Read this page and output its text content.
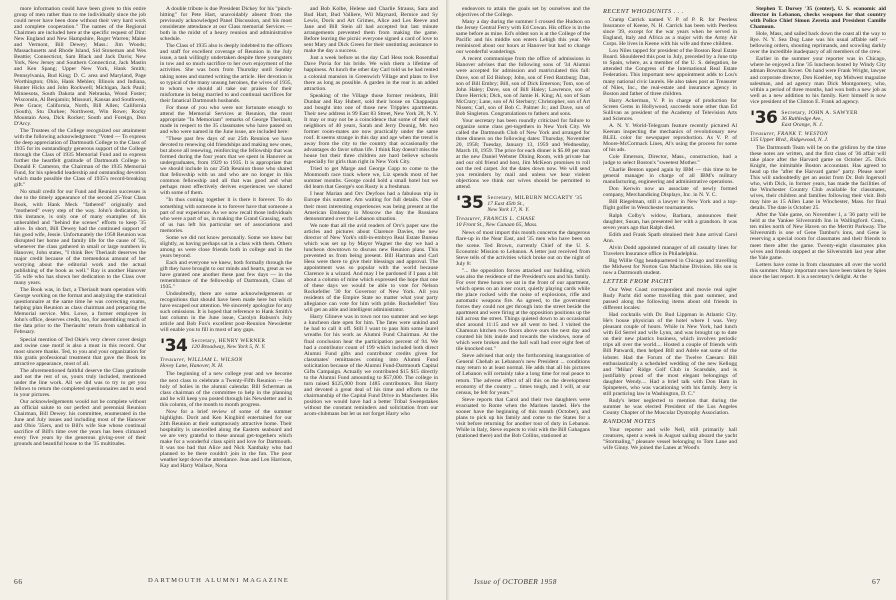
more information could have been given to this entire group of men rather than to me individually since the job could never have been done without their very hard work and complete cooperation." The names of the Regional Chairmen are included here at the specific request of Dint: New England and New Hampshire, Roger Warren; Maine and Vermont, Bill Dewey; Mass.: Jim Woods; Massachusetts and Rhode Island, Sid Stoneman and Wes Beattie; Connecticut, Sam Black and Jack Davis; New York, New Jersey and Southern Connecticut, Jack Mastin and Ken Spang; Upper New York, Hank Smith; Pennsylvania, Bud King; D. C. area and Maryland, Page Worthington; Ohio, Hank Mehlen; Illinois and Indiana, Hunter Hicks and John Rockwell; Michigan, Jack Pauli; Minnesota, South Dakota and Nebraska, Wood Foster; Wisconsin, Al Benjamin; Missouri, Kansas and Southwest, Pete Grace; California, North, Bill Allen; California (South), Stu Durkee; Northwest, Win Rowe; Rocky Mountain Area, Dick Rocker; South and Foreign, Don D'Arcy.

The Trustees of the College recognized our attainment with the following acknowledgment: "Voted — To express the deep appreciation of Dartmouth College to the Class of 1935 for its outstandingly generous support of the College through the Class of 1935 Memorial Fund and to express further the heartfelt gratitude of Dartmouth College to Donald F. Cameron, the Chairman of the 1935 Memorial Fund, for his splendid leadership and outstanding devotion which made possible the Class of 1935's record-breaking gift."

No small credit for our Fund and Reunion successes is due to the timely appearance of the second 25-Year Class Book, with Hank Meck "fathered" originally and "mothered" every step of the way. John's dedication, in this instance, is only one of many examples of his unheralded and "behind the scenes" efforts to keep '35 alive. In short, Bill Dewey had the continued support of his good wife, Jessie. Unfortunately the 1958 Reunion was disrupted her home and family life for the cause of '35, whenever the class gathered in small or large numbers in Hanover, John states, "I think Bev Theriault deserves the major credit because of the tremendous amount of her worrying about the editorial work and the actual publishing of the book as well." Ray is another Hanover '35 wife who has shown her dedication to the Class over many years.

The Book was, in fact, a Theriault team operation with George working on the format and analyzing the statistical questionnaire at the same time he was correcting exams, helping plan Reunion as class chairman and preparing the Memorial service. Mrs. Lowe, a former employee in John's office, deserves credit, too, for assembling much of the data prior to the Theriaults' return from sabbatical in February.

Special mention of Ted Okie's very clever cover design and swine case motif is also a must in this record. Our most sincere thanks. Ted, to you and your organization for this gratis professional treatment that gave the Book its attractive appearance, most of all.

The aforementioned faithful deserve the Class gratitude and not the rest of us, yours truly included, mentioned under the line work. All we did was to try to get you fellows to return the completed questionnaires and to send in your pictures.

Our acknowledgements would not be complete without an official salute to our perfect and perennial Reunion Chairman, Bill Dewey. his committee, enumerated in the June and July issues and including most of the Hanover and Ohio '35ers, and to Bill's wife Sue whose continual sacrifice of Bill's time over the years has been climaxed every five years by the generous giving-over of their grounds and beautiful house to the '35 multitudes.

A double tribute is due President Dickey for his "pinch-hitting" for Pete Hart, unavoidably absent from the previously acknowledged Panel Discussion, and his most considerate attendance at our Class memorial Services — both in the midst of a heavy reunion and administrative schedule.

The Class of 1935 also is deeply indebted to the officers and staff for excellent coverage of Reunion in the July issue, a task willingly undertaken despite three youngsters in tow and so much sacrifice to her own enjoyment of the activities. She was born from Thursday until Sunday taking notes and started writing the article. Her devotion is so typical of the many unsung heroines, the wives of 1935, to whom we should all take our praises for their misfortune in being married to and continual sacrifices for their fanatical Dartmouth husbands.

For those of you who were not fortunate enough to attend the Memorial Services at Reunion, the most appropriate "In Memoriam" remarks of George Theriault, made in respect to the 35 classmates who have passed on and who were named in the June issue, are included here:

"These past few days of our 25th Reunion we have devoted to renewing old friendships and making new ones, but above all renewing, reinforcing the fellowship that was formed during the four years that we spent in Hanover as undergraduates, from 1929 to 1935. It is appropriate that we should include in our 25th Reunion those who shared that fellowship with us and who are no longer in this common fellowship and all that was good and what perhaps most effectively derives experiences we shared with some of them.

"In thus coming together it is there it forever. To do something with someone is to forever have that someone a part of our experience. As we now recall those individuals who were a part of us, in making the Grand Grassing, each of us has left his particular set of associations and memories.

Some we did not know personally. Some we knew but slightly, as having perhaps sat in a class with them. Others among us were close friends both in college and in the years beyond.

Each and everyone we knew, both formally through the gift they have brought to our minds and hearts, great as we have granted one another these past few days — in the remembrance of the fellowship of Dartmouth, Class of 1935."

Undoubtedly, there are some acknowledgements or recognitions that should have been made here but which have escaped our attention. We sincerely apologize for any such omissions. It is hoped that reference to Hank Smith's last column in the June issue, Carolyn Babson's July article and Bob Fox's excellent post-Reunion Newsletter will enable you to fill in most of any gaps.

'34 Secretary, HENRY WERNER
120 Broadway, New York 5, N. Y.
Treasurer, WILLIAM L. WILSON
Hovey Lane, Hanover, N. H.

The beginning of a new college year and we become the next class to celebrate a Twenty-Fifth Reunion — the holy of holies in the alumni calendar. Bill Scherman as class chairman of the committee to help in the planning and he will keep you posted through his Newsletter and in this column, of the month to month progress.

Now for a brief review of some of the summer highlights. Dorit and Ken Kingbird entertained for our 24th Reunion at their sumptuously attractive home. Their hospitality is unexcelled along the Eastern seaboard and we are very grateful to these annual get-togethers which make for a wonderful class spirit and love for Dartmouth. It was too bad that Alice and Nick Xanthaky who had planned to be there couldn't join in the fun. The poor weather kept down the attendance. Jean and Len Harrison, Kay and Harry Wallace, Nona

and Bob Kolbe, Helene and Charlie Strauss, Sara and Bud Hart, Bud Valliere, Wil Maynard, Bernice and Sy Lewis, Doris and Art Grimes, Alice and Les Reeve and Jane and Bill Stein all had accepted but last minute arrangements prevented them from making the game. Before leaving the picnic everyone signed a card of love to sent Mary and Dick Green for their unstinting assistance to make the day a success.

Just a week before us the day Carl Hess took Rosenthal Dave Pavia for his bride. We wish them a lifetime of happiness. At lunch the other day Carl told us he had rented a colonial mansion in Greenwich Village and plans to live there as long as possible. A garden in the rear is an added attraction.

Speaking of the Village those former residents, Bill Dunbar and Ray Hubert, sold their house on Chappaqua and bought into one of those new Tripplex apartments. Their new address is 99 East 83 Street, New York 28, N. Y. It may or may not be a coincidence that some of their old neighbors of 40 years, Sarah and Jerry Dounig, Mr. two former room-mates are now practically under the same roof. It seems strange in this day and age when the trend is away from the city to the country that occasionally the advantages do favor urban life. I think Ray doesn't miss the house but their three children are hard believe schools especially for girls than right in New York City.

Tried to get Marge and George Copp to come to the Monmouth race track where we, Liz spends most of her summer months. George could hold a small hotel but we did learn that George's son Rusty is a freshman.

I hear Marian and Orv Deyfoos had a fabulous trip in Europe this summer. Am waiting for full details. One of their most interesting experiences was being present at the American Embassy in Moscow the day the Russians demonstrated over the Lebanon situation.

We note that all the avid readers of Orv's paper saw the articles and pictures about Clarence Davies, the new director of New York's still-in-embryo Real Estate Bureau which was set up by Mayor Wagner the day we had a luncheon downtown to discuss new Reunion plans. This prevented us from being present. Bill Hartman and Carl Hess were there to give their blessings and approval. The appointment was so popular with the world because Clarence is a wizard. And may I be pardoned if I pass a bit about a column of mine which expressed the hope that one of these days we would be able to vote for Nelson Rockefeller '30 for Governor of New York. All you residents of the Empire State no matter what your party allegiance can vote for him with pride. Rockefeller! You will get an able and intelligent administrator.

Harry Glineve was in town not too summer and we kept a luncheon date open for him. The fates were unkind and he had to call it off. Still I want to pass him some laurel wreaths for his work as Alumni Fund Chairman. At the final conclusion hear the participation percent of 94. We had a contributor count of 199 which included both direct Alumni Fund gifts and contributor credits given for classmates' remittances coming into Alumni Fund solicitation because of the Alumni Fund-Dartmouth Capital Gifts Campaign. Actually we contributed $15 $15 directly to the Alumni Fund amounting to $57,000. The college in turn raised $125,000 from 1485 contributors. But Harry and devoted a great deal of his time and efforts to the chairmanship of the Capital Fund Drive in Manchester. His position we would have had a better Tribal Sweepstakes without the constant reminders and solicitation from our acom-clubmans but let us not forget Harry who

endeavors to attain the goals set by ourselves and the objectives of the College.

Many a day during the summer I crossed the Hudson on the Jersey Central Ferry with Ed Cowan. His office is in the same before as mine. Ed's oldest son is at the College of the Pacific and his middle son enters Lehigh this year. We reminisced about our hours at Hanover but had to change our wonderful wanderings.

A recent communique from the office of admissions in Hanover advises that the following sons of '34 Alumni were accepted for admission and matriculated this fall: Dave, son of Ed Bishop; John, son of Fred Ratzburg; Dan, son of Bill Embry; Bill, son of Dick Emerson; Tom, son of John Haley; Dave, son of Bill Haley; Lawrence, son of Dave Herrick; Dick, son of Jamie H. King; Al, son of Sam McCrary; Lane, son of Al Sterbury; Christopher, son of Art Nissen; Carl, son of Bob C. Palmer Jr.; and Dave, son of Bob Singleton. Congratulations to fathers and sons.

Your secretary has been roundly criticized for failure to organize some class get-togethers in New York City. We called the Dartmouth Club of New York and arranged for three dinners on the following dates: Thursday, November 20, 1958; Tuesday, January 13, 1959 and Wednesday, March 18, 1959. The price for each dinner is $5.00 per man at the new Daniel Webster Dining Room, with private bar and our old friend and host, Jim McKeon promises to roll out the red carpet. Jot the dates down now. We will send you reminders by mail and unless we hear violent objections we think our wives should be permitted to attend.

'35 Secretary, MILBURN MCGARTY '35
17 East 45th St.,
New York 17, N. Y.
Treasurer, FRANCIS L. CHASE
10 Front St., New Canaan 65, Mass.

News of most import this month concerns the dangerous flare-up in the Near East, and '35 men who have been on the scene. Ted Brown, currently Chief of the U. S. Economic Mission to Lebanon. A letter just received from Steve tells of the activities which broke out on the night of July 8:

"... the opposition forces attacked our building, which was also the residence of the President's son and his family. For over three hours we sat in the front of our apartment, which opens on an inner court, quietly playing cards while the place rocked with the noise of explosions, rifle and automatic weapons fire. As agreed, to the government forces they could not get through into the street beside the apartment and were firing at the opposition positions up the hill across the street. Things quieted down to an occasional shot around 11:15 and we all went to bed. I visited the Chamoun kitchen two floors above ours the next day and counted his bits inside and towards the windows, none of which were broken and the hall wall had over eight feet of tile knocked out."

Steve advised that only the forthcoming inauguration of General Chehab as Lebanon's new President ... conditions may return to at least normal. He adds that all his pictures of Lebanon will certainly take a long time for real peace to return. The adverse effect of all this on the development economy of the country ... times tough, and I will, at our census, be felt for years."

Steve reports that Carol and their two daughters were evacuated to Rome when the Marines landed. He's the sooner have the beginning of this month (October), and plans to pick up his family and come to the States for a visit before returning for another tour of duty in Lebanon. While in Italy, Steve expects to visit with the Bill Gahagans (stationed there) and the Bob Collins, stationed at

RECENT WHODUNITS . . .

Cramp Carrick named V. P. of P. R. for Peerless Insurance of Keene, N. H. Carrick has been with Peerless since '39, except for the war years when he served in England, Italy and Africa as a major with the Army Air Corps. He lives in Keene with his wife and three children.

Lou Niles tapped for president of the Boston Real Estate Board. Shouldered this post in July, preceded by a June trip to Spain, where, as a member of the U. S. delegation, he attended the Congress of the International Real Estate Federation. This important new appointment adds to Lou's many national civic laurels. He also takes post as Treasurer of Niles, Inc., the real-estate and insurance agency in Boston and father of three children.

Harry Ackerman, V. P. in charge of production for Screen Gems in Hollywood, succeeds none other than Ed Sullivan as president of the Academy of Television Arts and Sciences.

A. N. Y. World-Telegram feature recently pictured Al Keenan inspecting the mechanics of revolutionary new BLEL color for newspaper reproduction. As V. P. of Moore-McCormack Lines, Al's using the process for some of his ads.

Cole Emerson, Director, Mass., construction, had a judge to select Boston's "sweetest Mother."

Charlie Benton upped again by IBM — this time to be general manager in charge of all IBM's military manufacturing, engineering and administrative operations.

Don Kerwin now an associate of newly formed company, Merchandising Displays, Inc. in N. Y. C.

Bill Riegelman, still a lawyer in New York and a top-flight golfer in Westchester tournaments.

Ralph Colby's widow, Barbara, announces their daughter, Susan, has presented her with a grandson. It was seven years ago that Ralph died.

Edith and Frank Spath obtained their June arrival Carol Ann.

Alvin Dodd appointed manager of all casualty lines for Travelers Insurance office in Philadelphia.

Big Willie Ogg headquartered in Chicago and travelling the Midwest for Norton Gas Machine Division. His son is now a Dartmouth student.

LETTER FROM PACHT

Our West Coast correspondent and movie real ogler Rudy Pacht did some travelling this past summer, and passed along the following items about old friends in different locales:

Had cocktails with Dr. Bud Lippman in Atlantic City. He's house physician of the hotel where I was. Very pleasant couple of hours. While in New York, had lunch with Ed Serrel and wife Lynn, and was brought up to date on their new plastics business, which involves periodic trips all over the world.... Hosted a couple of friends with Bill Patwardi, then helped Bill and Adele eat some of the lobster. Had the Forum of the Twelve Caesars: Bill enthusiastically a scheduled wedding of the new Kellogg and "Milan" Ridge Golf Club in Scarsdale, and is justifiably proud of the most elegant belongings of daughter Wendy.... Had a brief talk with Don Ham in Spinpeters, who was vacationing with his family. Jerry is still practicing law in Washington, D. C."

Rudy's letter neglected to mention that during the summer he was elected President of the Los Angeles County Chapter of the Muscular Dystrophy Association.

RANDOM NOTES

Your reporter and wife Nell, still primarily hall creatures, spent a week in August sailing aboard the yacht "Stormaling," pleasure vessel belonging to Tom Lane and wife Ginny. We joined the Lanes at Wood's

Stephen T. Dorsey '35 (center), U. S. economic aid director in Lebanon, checks weapons for that country with Police Chief Simon Zeretia and President Camille Chamoun.

Hole, Mass, and sailed back down the coast all the way to Rye. N. Y. Sea Dog Lane was his usual affable self — bellowing orders, shouting reprimands, and scowling darkly over the incredible inadequacy of all members of the crew.

Earlier in the summer your reporter was in Chicago, where he enjoyed a fine '35 luncheon hosted by Windy City adman Bowman Kover. On hand were Frank Wright, lawyer and corporate director, Don Koehler, top Midwest magazine salesman, and ad agency man Dick Montgomery, who, within a period of three months, had won both a new job as well as a new addition to his family. Kerr himself is now vice president of the Clinton E. Frank ad agency.

'36 Secretary, JOHN A. SAWYER
36 Ruthledge Ave.,
East Orange, N. J.
Treasurer, FRANK T. WESTON
135 Upper Blvd., Ridgewood, N. J.

The Dartmouth Team will be on the gridiron by the time these notes are written, and the first class of '36 affair will take place after the Harvard game on October 25. Dick Knight, the inimitable Boston accountant. Has agreed to head up the "after the Harvard game" party. Please note! This will undoubtedly get an assist from Dr. Bob Ingersoll who, with Dick, in former years, has made the facilities of the Winchester Country Club available for classmates, wives, their children and families following their visit. Bob may hire as 15 Allen Lane in Winchester, Mass. for final details. The date is October 25.

After the Yale game, on November 1, a '36 party will be held at the Yankee Silversmith Inn in Wallingford. Conn., ten miles north of New Haven on the Merritt Parkway. The Silversmith is one of Gene Tambur's inns, and Gene is reserving a special room for classmates and their friends to meet there after the game. Twenty-eight classmates plus wives and friends stopped at the Silversmith last year after the Yale game.

Letters have come in from classmates all over the world this summer. Many important ones have been taken by Spies since the last report. It is a secretary's delight. At the

66	DARTMOUTH ALUMNI MAGAZINE	Issue of OCTOBER 1958	67
